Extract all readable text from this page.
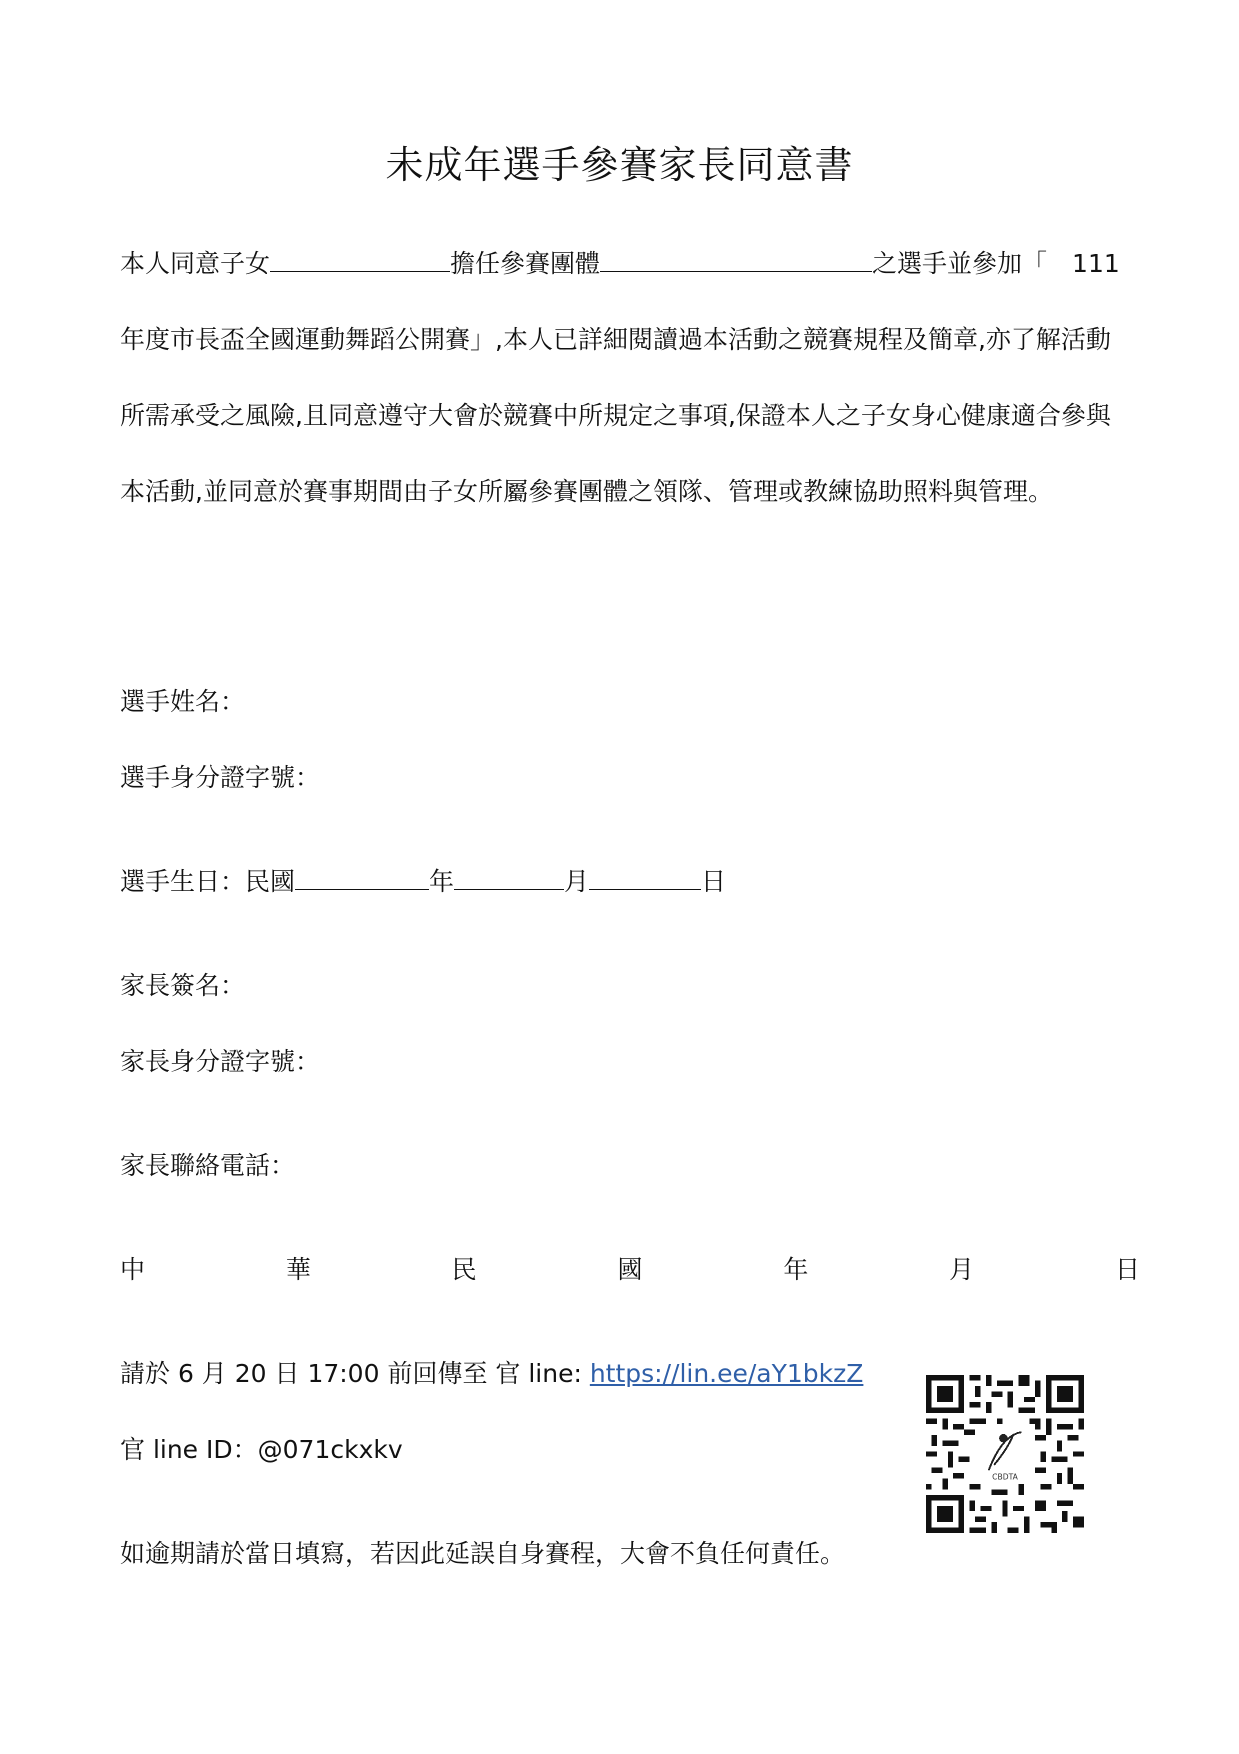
未成年選手參賽家長同意書
本人同意子女	擔任參賽團體	之選手並參加「　111
年度市長盃全國運動舞蹈公開賽」,本人已詳細閱讀過本活動之競賽規程及簡章,亦了解活動
所需承受之風險,且同意遵守大會於競賽中所規定之事項,保證本人之子女身心健康適合參與
本活動,並同意於賽事期間由子女所屬參賽團體之領隊、管理或教練協助照料與管理。
選手姓名：
選手身分證字號：
選手生日：民國	年	月	日
家長簽名：
家長身分證字號：
家長聯絡電話：
中	華	民	國	年	月	日
請於 6 月 20 日 17:00 前回傳至 官 line: https://lin.ee/aY1bkzZ
官 line ID：@071ckxkv
如逾期請於當日填寫，若因此延誤自身賽程，大會不負任何責任。
CBDTA
